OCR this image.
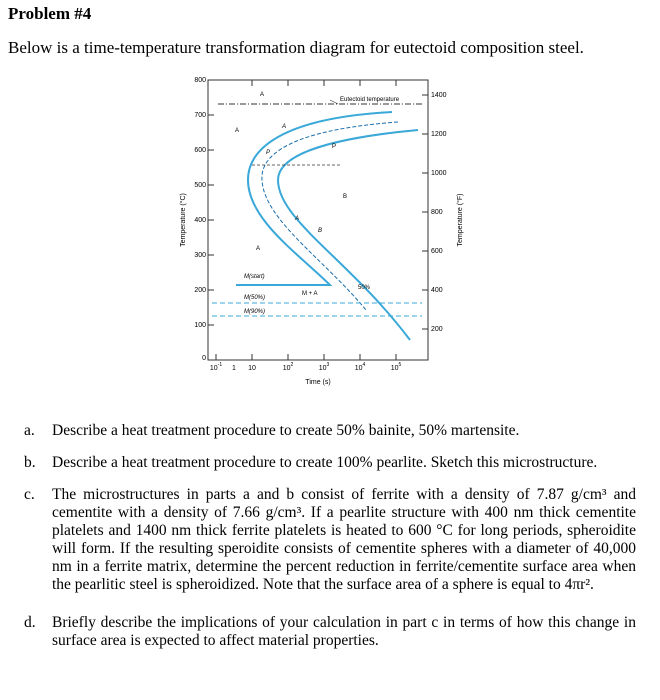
Problem #4
Below is a time-temperature transformation diagram for eutectoid composition steel.
800
700
600
500
400
300
200
100
0
1400
1200
1000
800
600
400
200
$10^{-1}$ 1 10	$10^2$	$10^3$	$10^4$	$10^5$
Time (s)
Temperature (°C)	Temperature (°F)
Eutectoid temperature
A
A
A
P
B
A
P
A
B
M(start)
M(50%)
M(90%)
M + A
50%
a.	Describe a heat treatment procedure to create 50% bainite, 50% martensite.
b.	Describe a heat treatment procedure to create 100% pearlite. Sketch this microstructure.
c.	The microstructures in parts a and b consist of ferrite with a density of 7.87 g/cm³ and cementite with a density of 7.66 g/cm³. If a pearlite structure with 400 nm thick cementite platelets and 1400 nm thick ferrite platelets is heated to 600 °C for long periods, spheroidite will form. If the resulting speroidite consists of cementite spheres with a diameter of 40,000 nm in a ferrite matrix, determine the percent reduction in ferrite/cementite surface area when the pearlitic steel is spheroidized. Note that the surface area of a sphere is equal to 4πr².
d.	Briefly describe the implications of your calculation in part c in terms of how this change in surface area is expected to affect material properties.
